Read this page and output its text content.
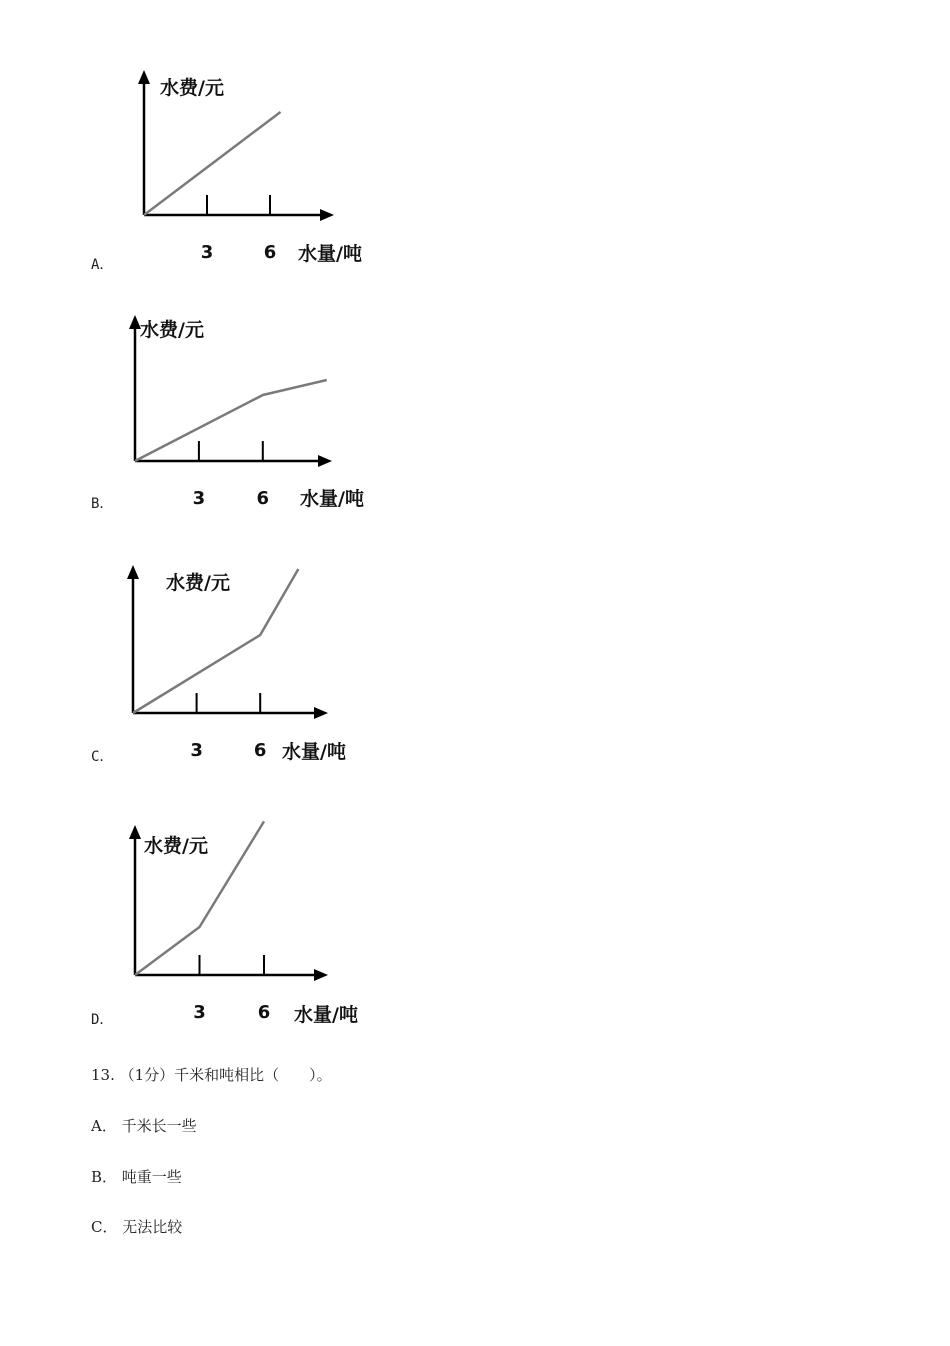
水费/元
3	6 水量/吨
A．
水费/元
3	6 水量/吨
B．
水费/元
3	6 水量/吨
C．
水费/元
3	6 水量/吨
D．
13. （1分）千米和吨相比（　　）。
A． 千米长一些
B． 吨重一些
C． 无法比较
